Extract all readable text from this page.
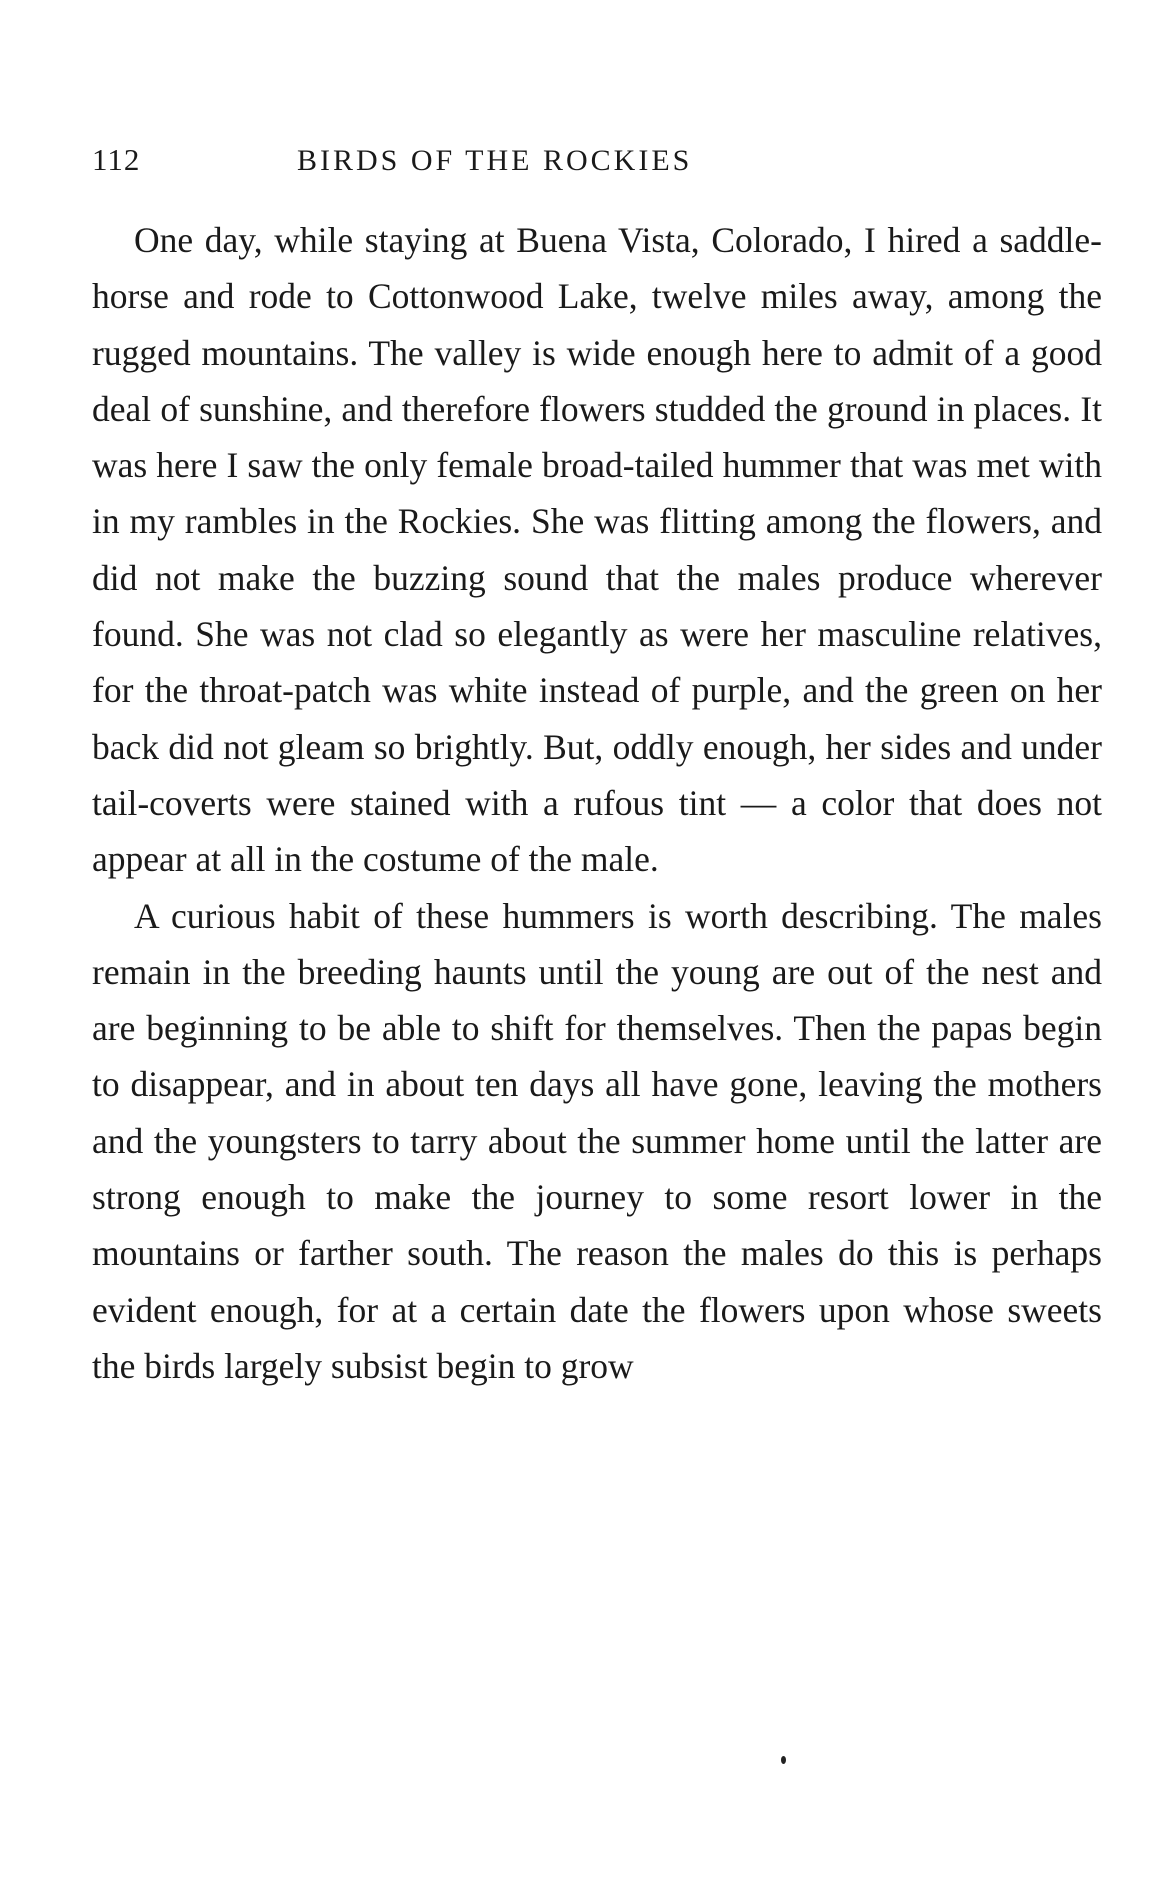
112	BIRDS OF THE ROCKIES

One day, while staying at Buena Vista, Colorado, I hired a saddle-horse and rode to Cottonwood Lake, twelve miles away, among the rugged mountains. The valley is wide enough here to admit of a good deal of sunshine, and therefore flowers studded the ground in places. It was here I saw the only female broad-tailed hummer that was met with in my rambles in the Rockies. She was flitting among the flowers, and did not make the buzzing sound that the males produce wherever found. She was not clad so elegantly as were her masculine relatives, for the throat-patch was white instead of purple, and the green on her back did not gleam so brightly. But, oddly enough, her sides and under tail-coverts were stained with a rufous tint — a color that does not appear at all in the costume of the male.

A curious habit of these hummers is worth describing. The males remain in the breeding haunts until the young are out of the nest and are beginning to be able to shift for themselves. Then the papas begin to disappear, and in about ten days all have gone, leaving the mothers and the youngsters to tarry about the summer home until the latter are strong enough to make the journey to some resort lower in the mountains or farther south. The reason the males do this is perhaps evident enough, for at a certain date the flowers upon whose sweets the birds largely subsist begin to grow
